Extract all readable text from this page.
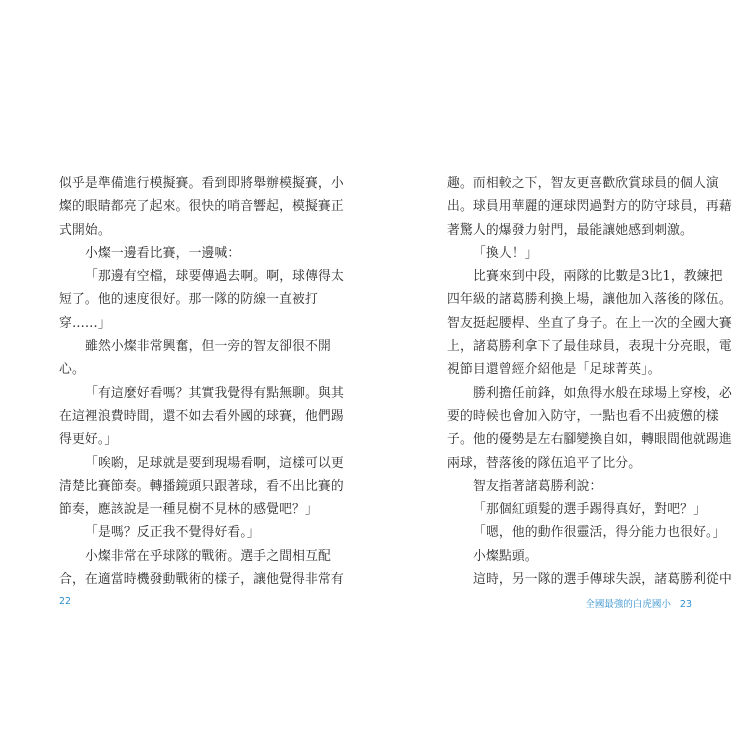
似乎是準備進行模擬賽。看到即將舉辦模擬賽，小
燦的眼睛都亮了起來。很快的哨音響起，模擬賽正
式開始。
小燦一邊看比賽，一邊喊：
「那邊有空檔，球要傳過去啊。啊，球傳得太
短了。他的速度很好。那一隊的防線一直被打
穿……」
雖然小燦非常興奮，但一旁的智友卻很不開
心。
「有這麼好看嗎？其實我覺得有點無聊。與其
在這裡浪費時間，還不如去看外國的球賽，他們踢
得更好。」
「唉喲，足球就是要到現場看啊，這樣可以更
清楚比賽節奏。轉播鏡頭只跟著球，看不出比賽的
節奏，應該說是一種見樹不見林的感覺吧？」
「是嗎？反正我不覺得好看。」
小燦非常在乎球隊的戰術。選手之間相互配
合，在適當時機發動戰術的樣子，讓他覺得非常有
趣。而相較之下，智友更喜歡欣賞球員的個人演
出。球員用華麗的運球閃過對方的防守球員，再藉
著驚人的爆發力射門，最能讓她感到刺激。
「換人！」
比賽來到中段，兩隊的比數是3比1，教練把
四年級的諸葛勝利換上場，讓他加入落後的隊伍。
智友挺起腰桿、坐直了身子。在上一次的全國大賽
上，諸葛勝利拿下了最佳球員，表現十分亮眼，電
視節目還曾經介紹他是「足球菁英」。
勝利擔任前鋒，如魚得水般在球場上穿梭，必
要的時候也會加入防守，一點也看不出疲憊的樣
子。他的優勢是左右腳變換自如，轉眼間他就踢進
兩球，替落後的隊伍追平了比分。
智友指著諸葛勝利說：
「那個紅頭髮的選手踢得真好，對吧？」
「嗯，他的動作很靈活，得分能力也很好。」
小燦點頭。
這時，另一隊的選手傳球失誤，諸葛勝利從中
22	全國最強的白虎國小 23
